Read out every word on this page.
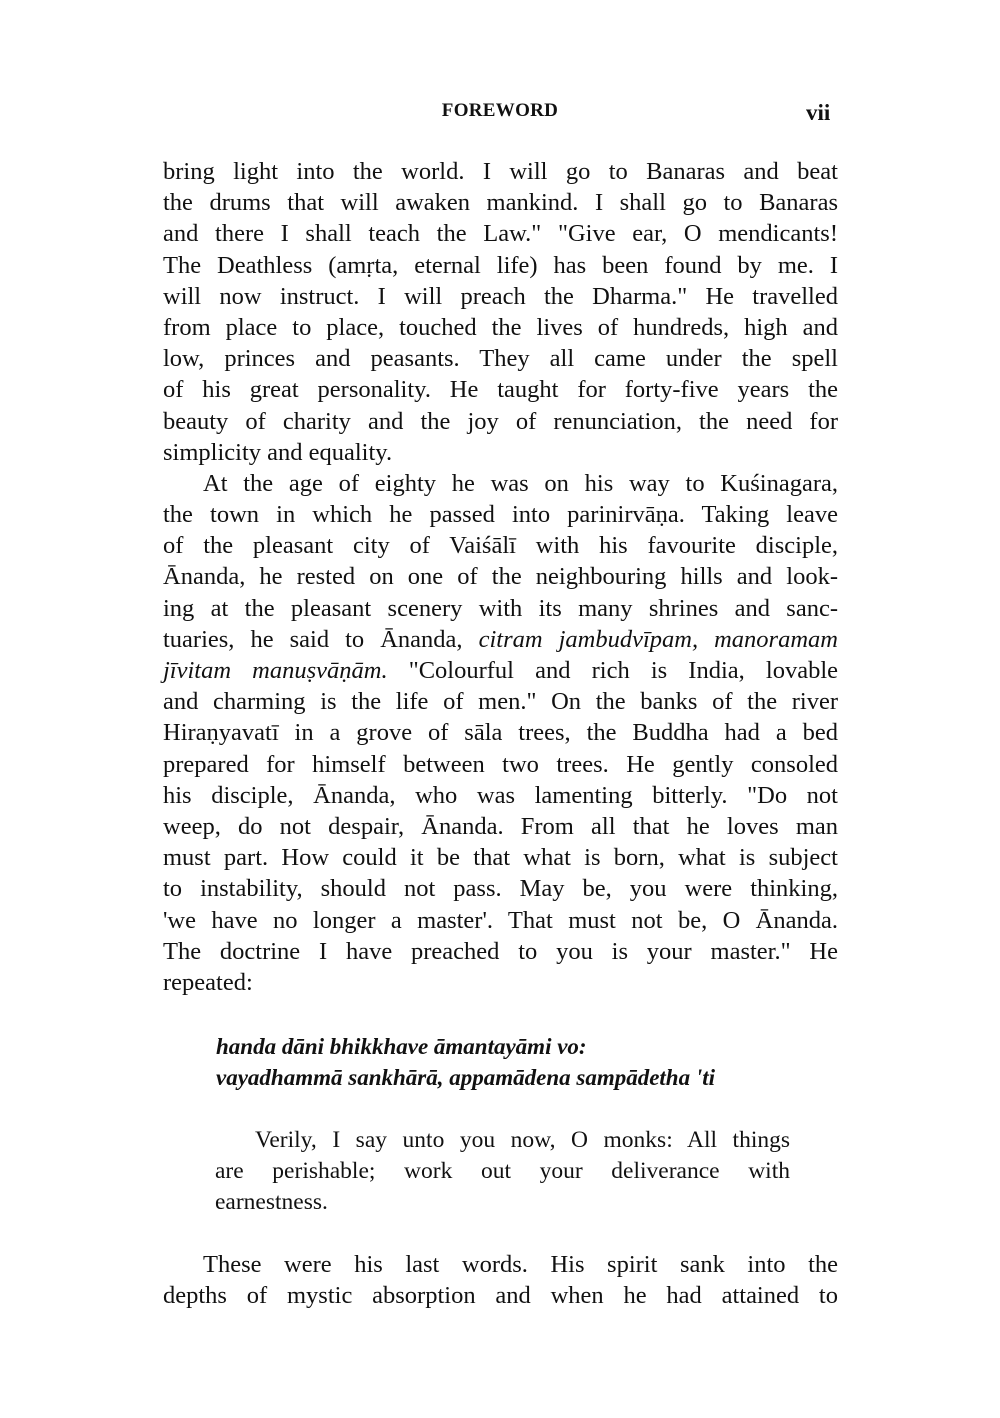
FOREWORD	vii
bring light into the world. I will go to Banaras and beat
the drums that will awaken mankind. I shall go to Banaras
and there I shall teach the Law." "Give ear, O mendicants!
The Deathless (amṛta, eternal life) has been found by me. I
will now instruct. I will preach the Dharma." He travelled
from place to place, touched the lives of hundreds, high and
low, princes and peasants. They all came under the spell
of his great personality. He taught for forty-five years the
beauty of charity and the joy of renunciation, the need for
simplicity and equality.
At the age of eighty he was on his way to Kuśinagara,
the town in which he passed into parinirvāṇa. Taking leave
of the pleasant city of Vaiśālī with his favourite disciple,
Ānanda, he rested on one of the neighbouring hills and look-
ing at the pleasant scenery with its many shrines and sanc-
tuaries, he said to Ānanda, citram jambudvīpam, manoramam
jīvitam manuṣvāṇām. "Colourful and rich is India, lovable
and charming is the life of men." On the banks of the river
Hiraṇyavatī in a grove of sāla trees, the Buddha had a bed
prepared for himself between two trees. He gently consoled
his disciple, Ānanda, who was lamenting bitterly. "Do not
weep, do not despair, Ānanda. From all that he loves man
must part. How could it be that what is born, what is subject
to instability, should not pass. May be, you were thinking,
'we have no longer a master'. That must not be, O Ānanda.
The doctrine I have preached to you is your master." He
repeated:
handa dāni bhikkhave āmantayāmi vo:
vayadhammā sankhārā, appamādena sampādetha 'ti
Verily, I say unto you now, O monks: All things
are perishable; work out your deliverance with
earnestness.
These were his last words. His spirit sank into the
depths of mystic absorption and when he had attained to
